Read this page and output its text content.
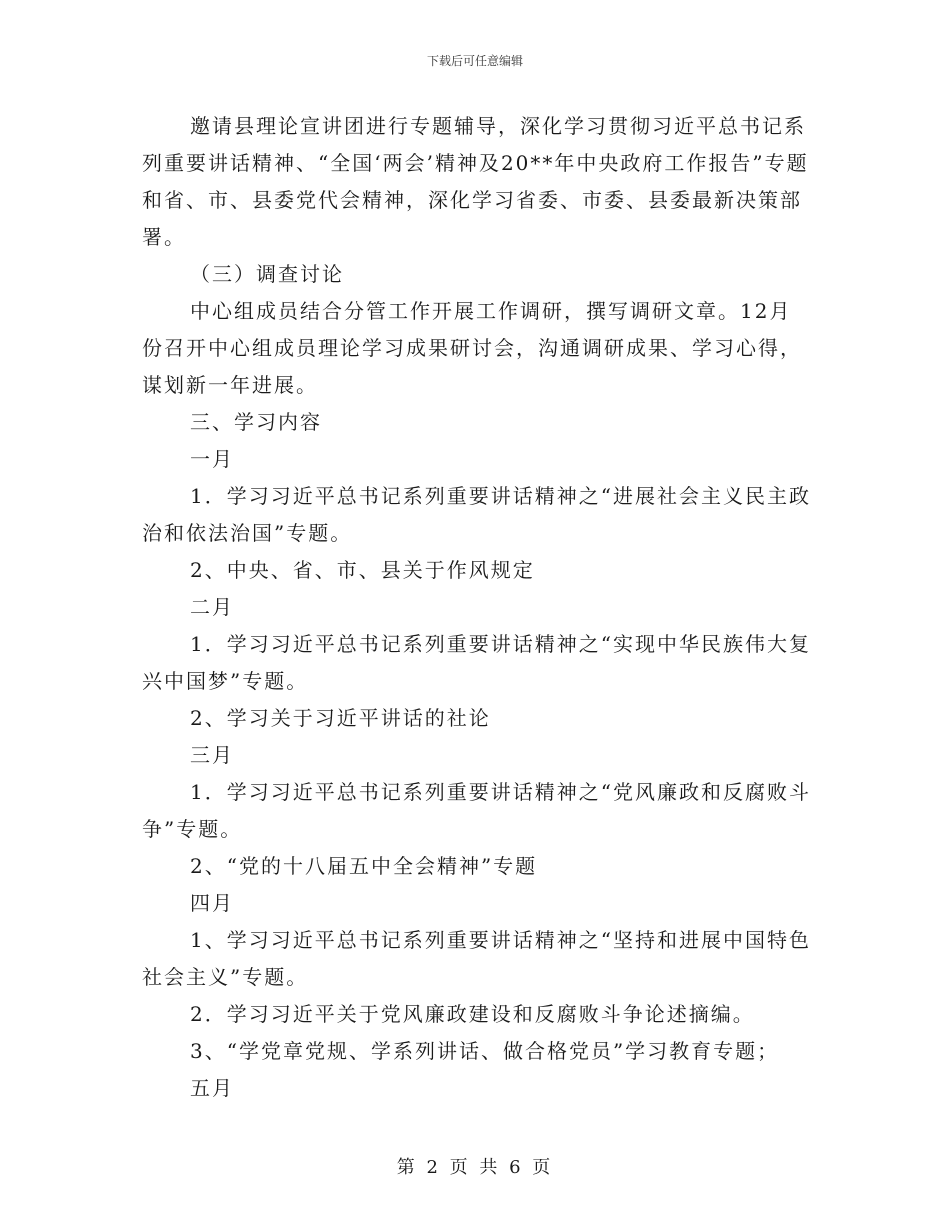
下载后可任意编辑

邀请县理论宣讲团进行专题辅导，深化学习贯彻习近平总书记系列重要讲话精神、“全国‘两会’精神及20**年中央政府工作报告”专题和省、市、县委党代会精神，深化学习省委、市委、县委最新决策部署。

（三）调查讨论

中心组成员结合分管工作开展工作调研，撰写调研文章。12月份召开中心组成员理论学习成果研讨会，沟通调研成果、学习心得，谋划新一年进展。

三、学习内容

一月

1．学习习近平总书记系列重要讲话精神之“进展社会主义民主政治和依法治国”专题。

2、中央、省、市、县关于作风规定

二月

1．学习习近平总书记系列重要讲话精神之“实现中华民族伟大复兴中国梦”专题。

2、学习关于习近平讲话的社论

三月

1．学习习近平总书记系列重要讲话精神之“党风廉政和反腐败斗争”专题。

2、“党的十八届五中全会精神”专题

四月

1、学习习近平总书记系列重要讲话精神之“坚持和进展中国特色社会主义”专题。

2．学习习近平关于党风廉政建设和反腐败斗争论述摘编。

3、“学党章党规、学系列讲话、做合格党员”学习教育专题；

五月

第 2 页 共 6 页
